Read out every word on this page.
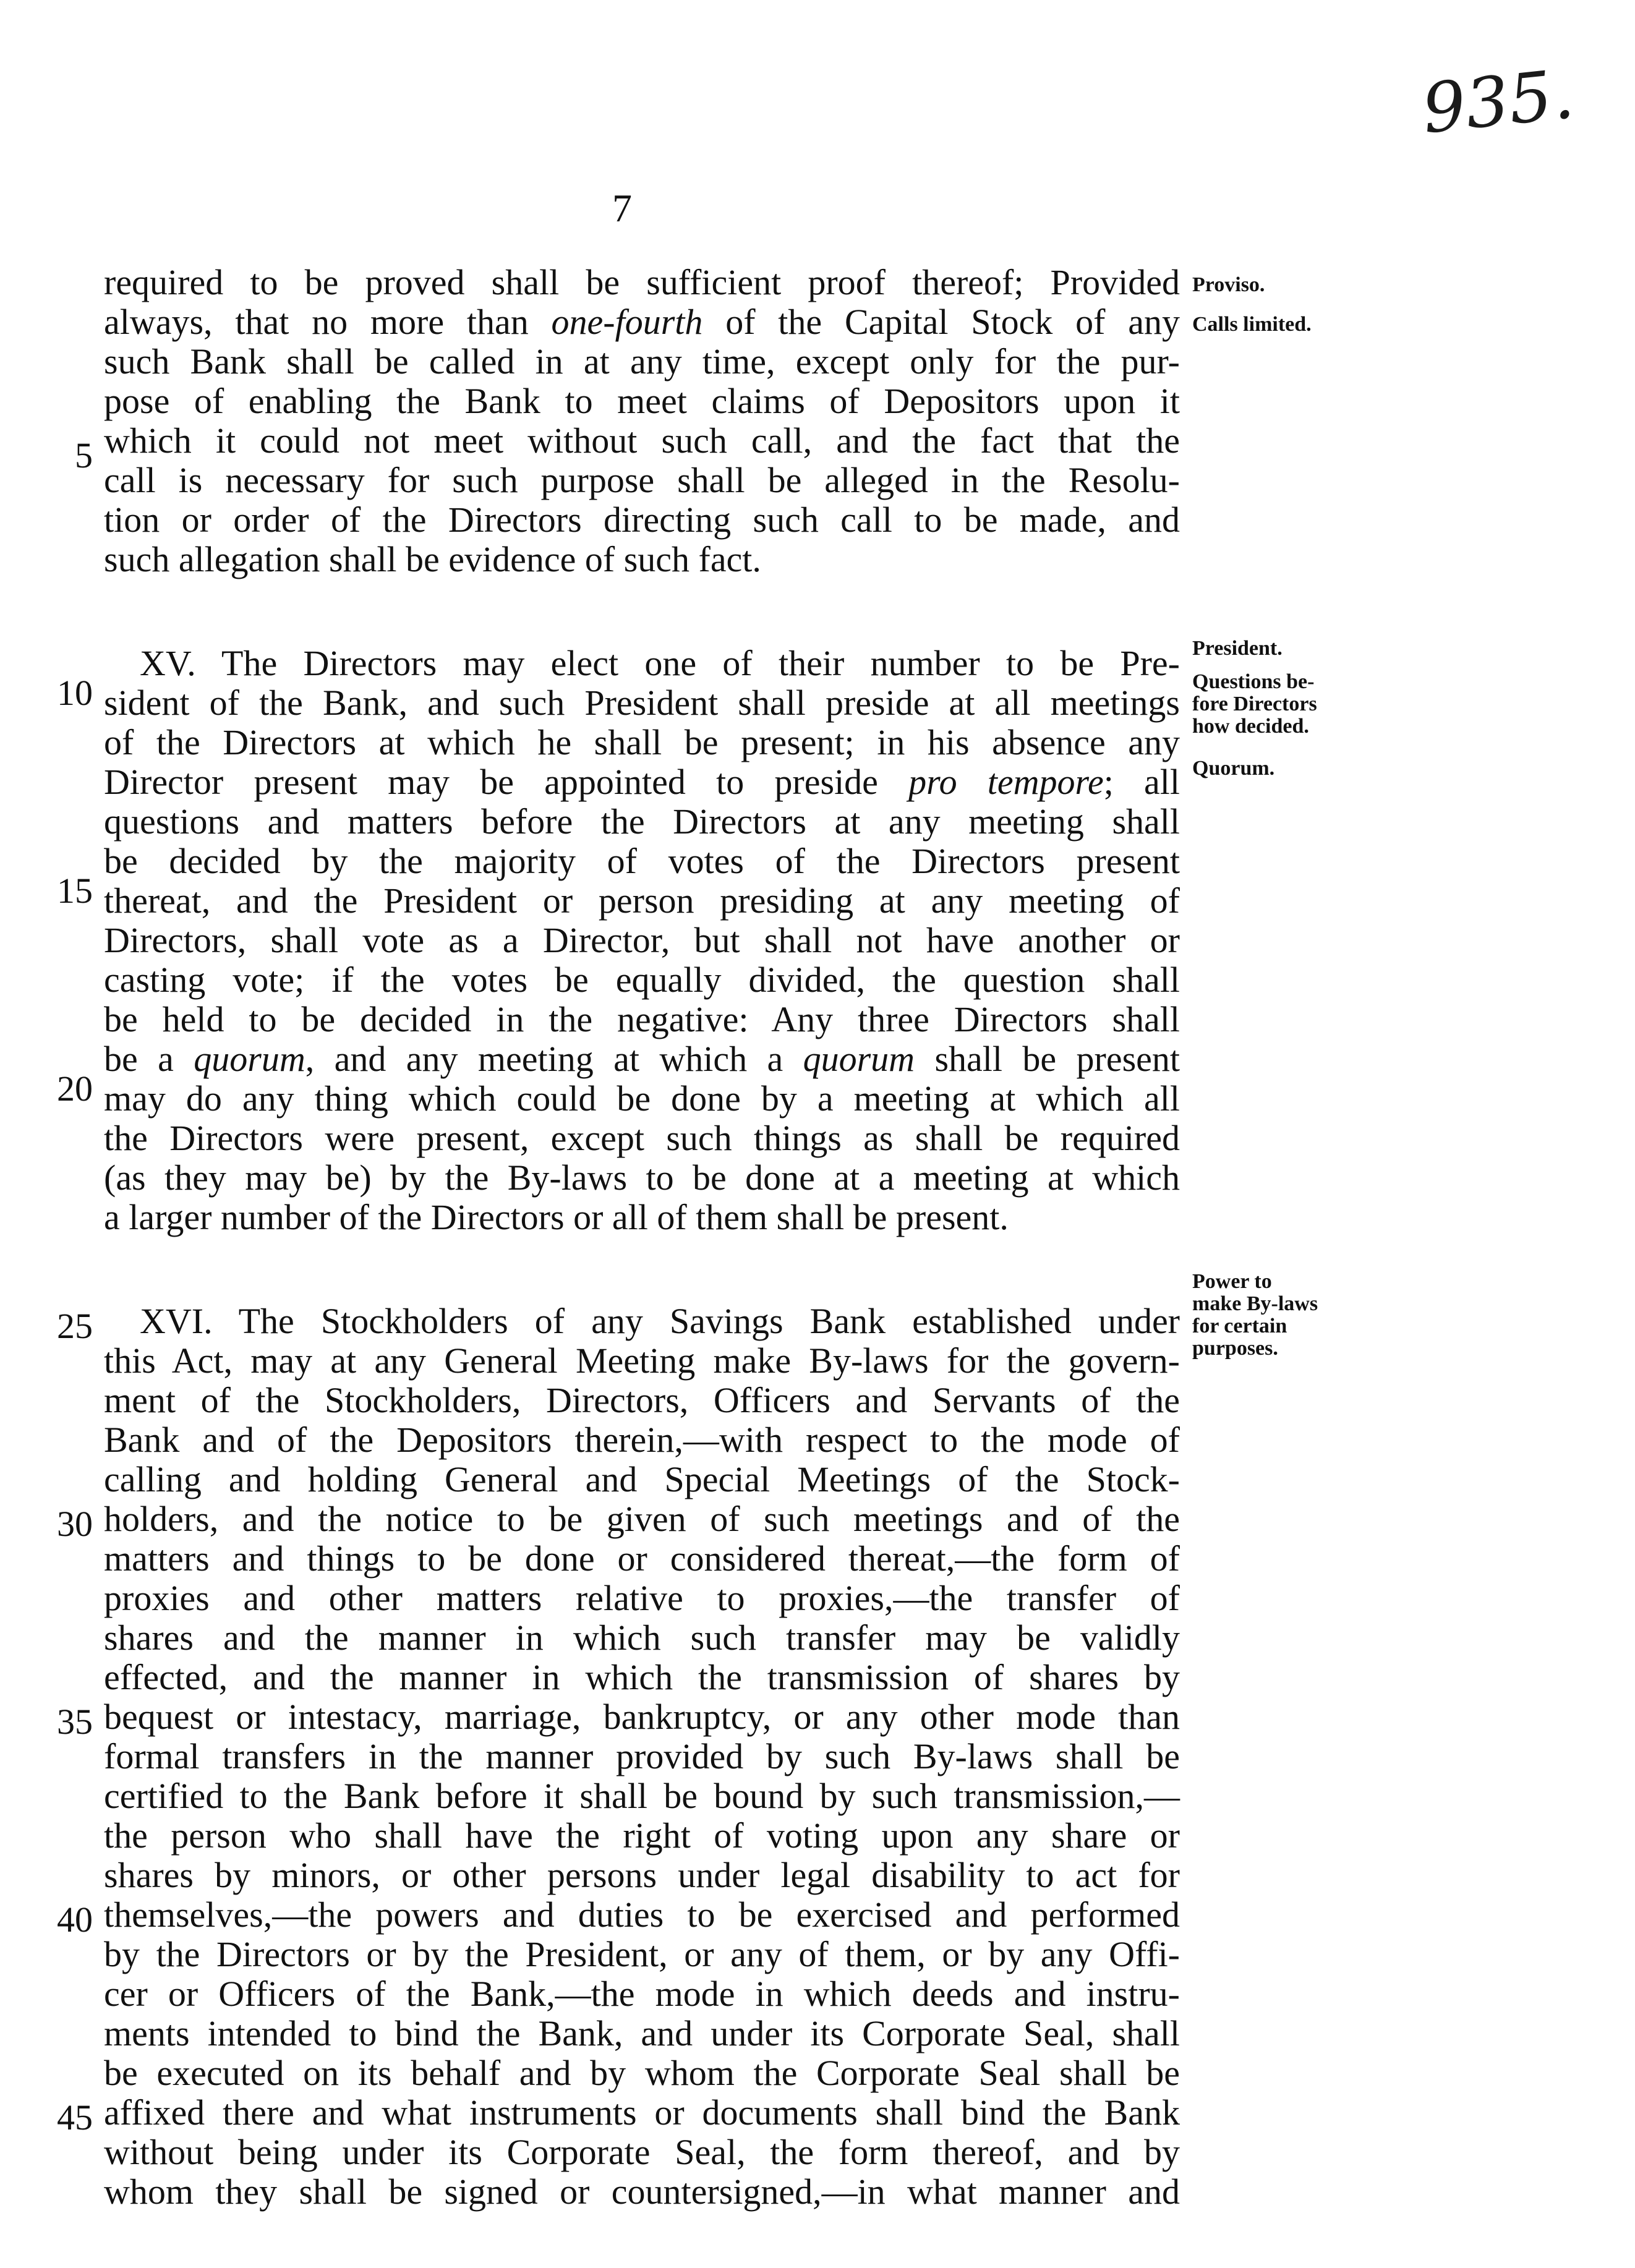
935.
7
5
10
15
20
25
30
35
40
45
required to be proved shall be sufficient proof thereof; Provided
always, that no more than one-fourth of the Capital Stock of any
such Bank shall be called in at any time, except only for the pur-
pose of enabling the Bank to meet claims of Depositors upon it
which it could not meet without such call, and the fact that the
call is necessary for such purpose shall be alleged in the Resolu-
tion or order of the Directors directing such call to be made, and
such allegation shall be evidence of such fact.
XV. The Directors may elect one of their number to be Pre-
sident of the Bank, and such President shall preside at all meetings
of the Directors at which he shall be present; in his absence any
Director present may be appointed to preside pro tempore; all
questions and matters before the Directors at any meeting shall
be decided by the majority of votes of the Directors present
thereat, and the President or person presiding at any meeting of
Directors, shall vote as a Director, but shall not have another or
casting vote; if the votes be equally divided, the question shall
be held to be decided in the negative: Any three Directors shall
be a quorum, and any meeting at which a quorum shall be present
may do any thing which could be done by a meeting at which all
the Directors were present, except such things as shall be required
(as they may be) by the By-laws to be done at a meeting at which
a larger number of the Directors or all of them shall be present.
XVI. The Stockholders of any Savings Bank established under
this Act, may at any General Meeting make By-laws for the govern-
ment of the Stockholders, Directors, Officers and Servants of the
Bank and of the Depositors therein,—with respect to the mode of
calling and holding General and Special Meetings of the Stock-
holders, and the notice to be given of such meetings and of the
matters and things to be done or considered thereat,—the form of
proxies and other matters relative to proxies,—the transfer of
shares and the manner in which such transfer may be validly
effected, and the manner in which the transmission of shares by
bequest or intestacy, marriage, bankruptcy, or any other mode than
formal transfers in the manner provided by such By-laws shall be
certified to the Bank before it shall be bound by such transmission,—
the person who shall have the right of voting upon any share or
shares by minors, or other persons under legal disability to act for
themselves,—the powers and duties to be exercised and performed
by the Directors or by the President, or any of them, or by any Offi-
cer or Officers of the Bank,—the mode in which deeds and instru-
ments intended to bind the Bank, and under its Corporate Seal, shall
be executed on its behalf and by whom the Corporate Seal shall be
affixed there and what instruments or documents shall bind the Bank
without being under its Corporate Seal, the form thereof, and by
whom they shall be signed or countersigned,—in what manner and
Proviso.
Calls limited.
President.
Questions be-
fore Directors
how decided.
Quorum.
Power to
make By-laws
for certain
purposes.
